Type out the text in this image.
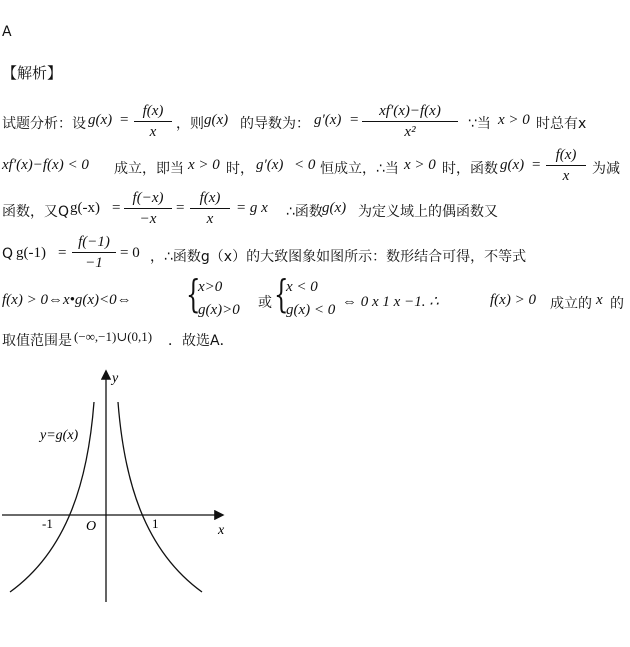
A
【解析】
试题分析：设 g(x) =
f(x)
x	，则 g(x) 的导数为： g′(x) =
xf′(x)−f(x)
x²	∵当 x > 0 时总有x
xf′(x)−f(x) < 0 成立，即当 x > 0 时， g′(x) < 0 恒成立，∴当 x > 0 时，函数 g(x) =
f(x)
x	为减
函数，又Q g(-x) =
f(−x)
−x
=
f(x)
x
= g x ∴函数 g(x) 为定义域上的偶函数又
Q g(-1) =
f(−1)
−1
= 0 ，∴函数g（x）的大致图象如图所示：数形结合可得，不等式
f(x) > 0⇔x•g(x)<0⇔ {
x>0
g(x)>0 或 {
x < 0
g(x) < 0 ⇔ 0 x 1 x −1. ∴	f(x) > 0 成立的 x 的
取值范围是 (−∞,−1)∪(0,1) ．故选A．
y
x
O
-1	1
y=g(x)
